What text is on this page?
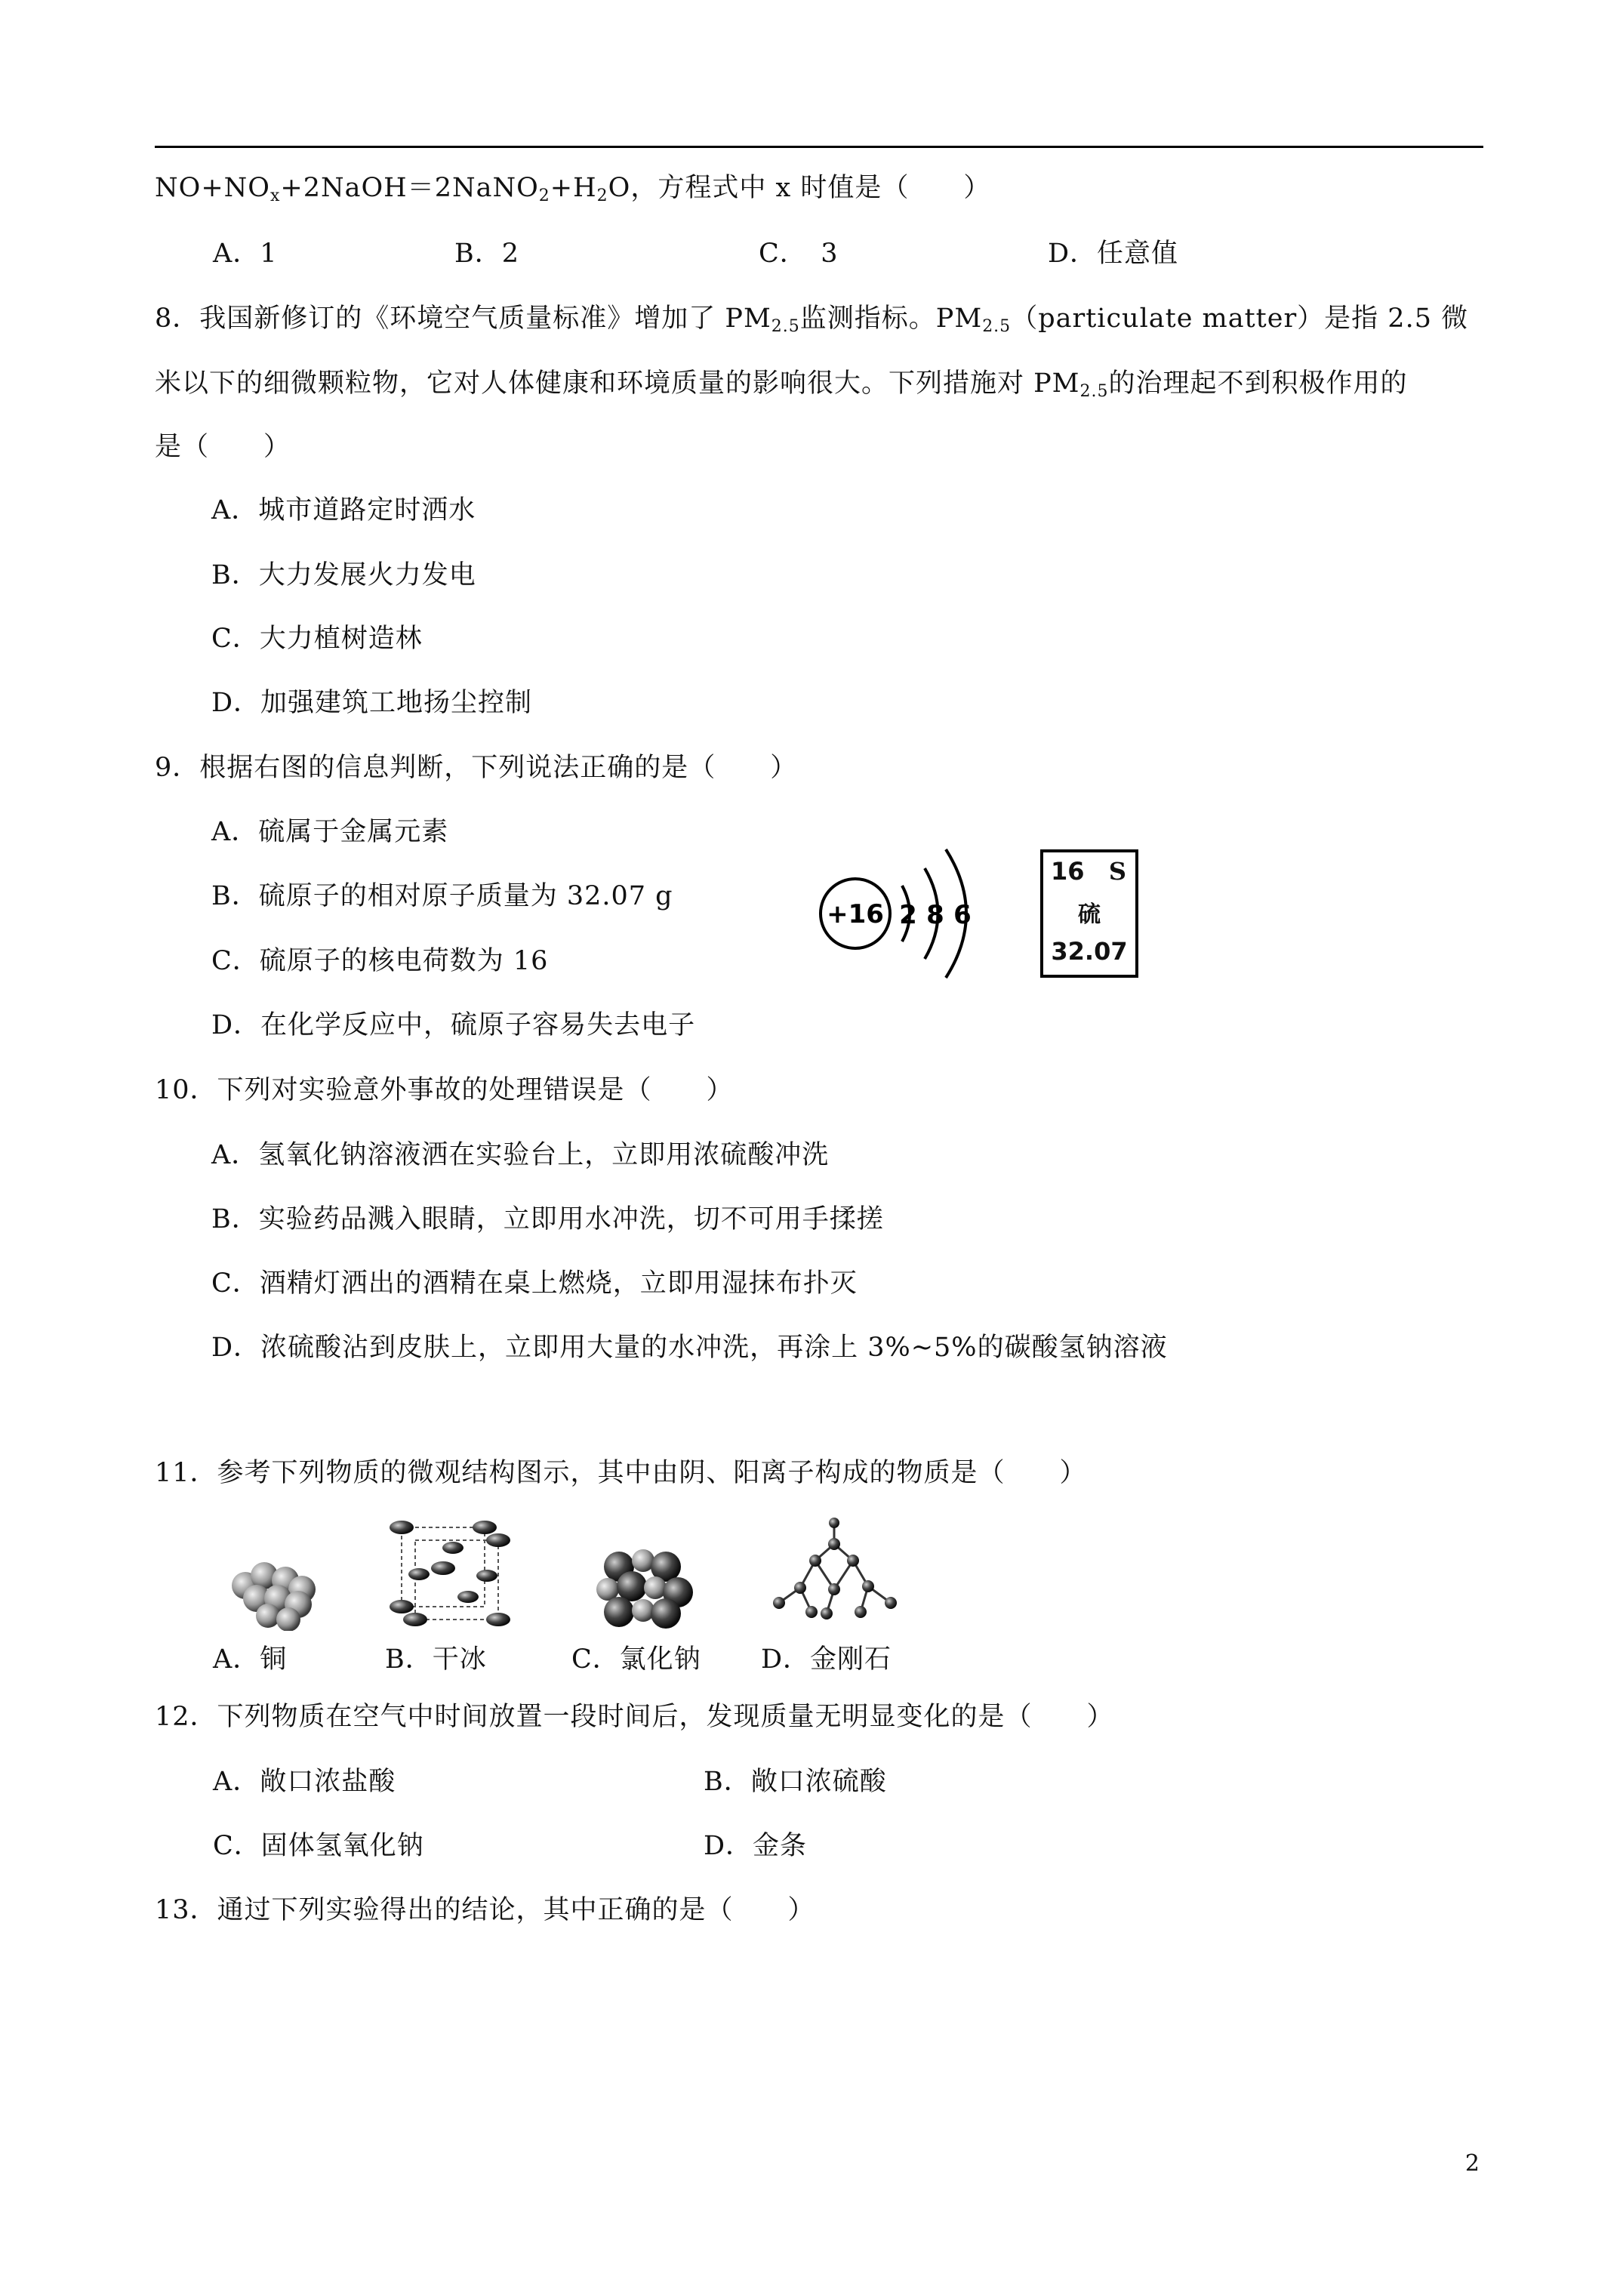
$NO+NO_x+2NaOH=2NaNO_2+H_2O$，方程式中 x 时值是（　　）
A．1	B．2	C．　3	D．任意值
8．我国新修订的《环境空气质量标准》增加了 $PM_{2.5}$监测指标。$PM_{2.5}(particulate$ matter）是指 2.5 微
米以下的细微颗粒物，它对人体健康和环境质量的影响很大。下列措施对 $PM_{2.5}$的治理起不到积极作用的
是（　　）
A．城市道路定时洒水
B．大力发展火力发电
C．大力植树造林
D．加强建筑工地扬尘控制
9．根据右图的信息判断，下列说法正确的是（　　）
A．硫属于金属元素
B．硫原子的相对原子质量为 32.07 g
C．硫原子的核电荷数为 16
D．在化学反应中，硫原子容易失去电子
+16 2 8 6
16 S
硫
32.07
10．下列对实验意外事故的处理错误是（　　）
A．氢氧化钠溶液洒在实验台上，立即用浓硫酸冲洗
B．实验药品溅入眼睛，立即用水冲洗，切不可用手揉搓
C．酒精灯洒出的酒精在桌上燃烧，立即用湿抹布扑灭
D．浓硫酸沾到皮肤上，立即用大量的水冲洗，再涂上 3%~5%的碳酸氢钠溶液
11．参考下列物质的微观结构图示，其中由阴、阳离子构成的物质是（　　）
A．铜	B．干冰	C．氯化钠 D．金刚石
12．下列物质在空气中时间放置一段时间后，发现质量无明显变化的是（　　）
A．敞口浓盐酸	B．敞口浓硫酸
C．固体氢氧化钠	D．金条
13．通过下列实验得出的结论，其中正确的是（　　）
2
